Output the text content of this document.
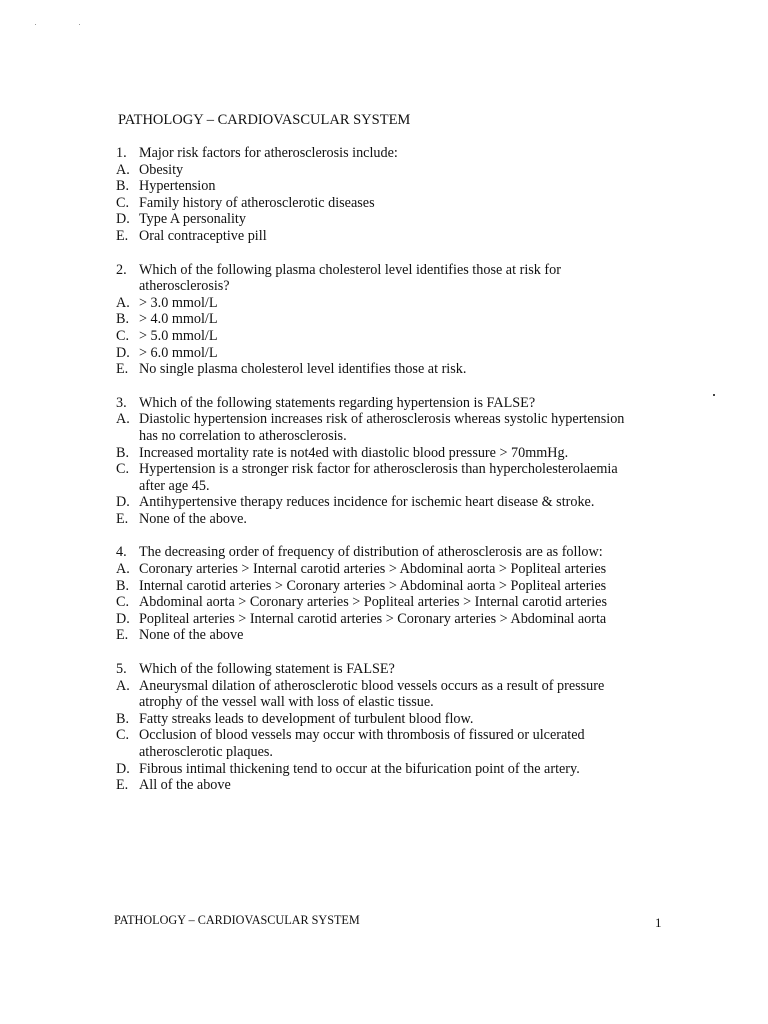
PATHOLOGY – CARDIOVASCULAR SYSTEM
1. Major risk factors for atherosclerosis include:
A. Obesity
B. Hypertension
C. Family history of atherosclerotic diseases
D. Type A personality
E. Oral contraceptive pill
2. Which of the following plasma cholesterol level identifies those at risk for
atherosclerosis?
A. > 3.0 mmol/L
B. > 4.0 mmol/L
C. > 5.0 mmol/L
D. > 6.0 mmol/L
E. No single plasma cholesterol level identifies those at risk.
3. Which of the following statements regarding hypertension is FALSE?
A. Diastolic hypertension increases risk of atherosclerosis whereas systolic hypertension
has no correlation to atherosclerosis.
B. Increased mortality rate is not4ed with diastolic blood pressure > 70mmHg.
C. Hypertension is a stronger risk factor for atherosclerosis than hypercholesterolaemia
after age 45.
D. Antihypertensive therapy reduces incidence for ischemic heart disease & stroke.
E. None of the above.
4. The decreasing order of frequency of distribution of atherosclerosis are as follow:
A. Coronary arteries > Internal carotid arteries > Abdominal aorta > Popliteal arteries
B. Internal carotid arteries > Coronary arteries > Abdominal aorta > Popliteal arteries
C. Abdominal aorta > Coronary arteries > Popliteal arteries > Internal carotid arteries
D. Popliteal arteries > Internal carotid arteries > Coronary arteries > Abdominal aorta
E. None of the above
5. Which of the following statement is FALSE?
A. Aneurysmal dilation of atherosclerotic blood vessels occurs as a result of pressure
atrophy of the vessel wall with loss of elastic tissue.
B. Fatty streaks leads to development of turbulent blood flow.
C. Occlusion of blood vessels may occur with thrombosis of fissured or ulcerated
atherosclerotic plaques.
D. Fibrous intimal thickening tend to occur at the bifurication point of the artery.
E. All of the above
PATHOLOGY – CARDIOVASCULAR SYSTEM	1
